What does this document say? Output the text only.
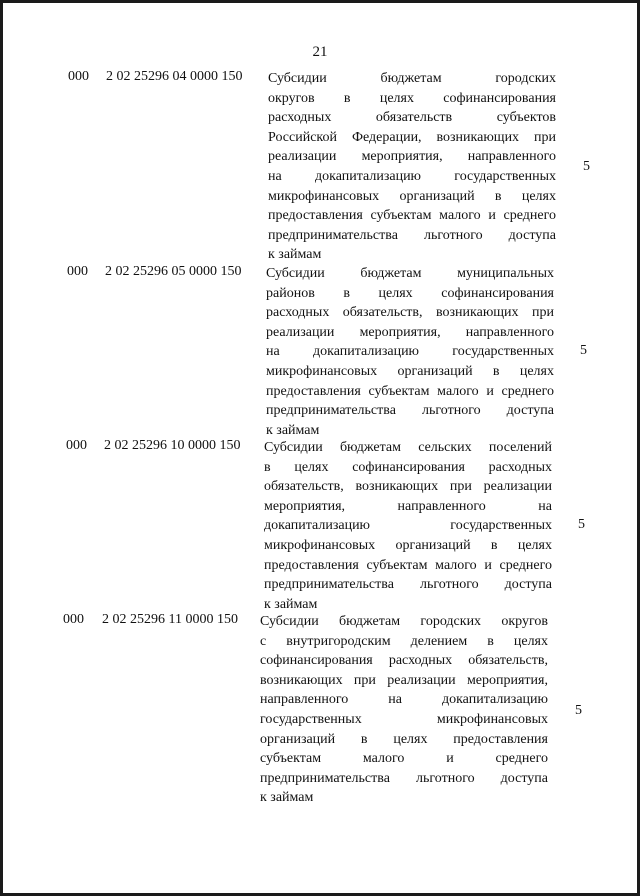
21
000 2 02 25296 04 0000 150 Субсидии бюджетам городских
округов в целях софинансирования
расходных обязательств субъектов
Российской Федерации, возникающих при
реализации мероприятия, направленного
на докапитализацию государственных
микрофинансовых организаций в целях
предоставления субъектам малого и среднего
предпринимательства льготного доступа
к займам
5
000 2 02 25296 05 0000 150 Субсидии бюджетам муниципальных
районов в целях софинансирования
расходных обязательств, возникающих при
реализации мероприятия, направленного
на докапитализацию государственных
микрофинансовых организаций в целях
предоставления субъектам малого и среднего
предпринимательства льготного доступа
к займам
5
000 2 02 25296 10 0000 150 Субсидии бюджетам сельских поселений
в целях софинансирования расходных
обязательств, возникающих при реализации
мероприятия, направленного на
докапитализацию государственных
микрофинансовых организаций в целях
предоставления субъектам малого и среднего
предпринимательства льготного доступа
к займам
5
000 2 02 25296 11 0000 150 Субсидии бюджетам городских округов
с внутригородским делением в целях
софинансирования расходных обязательств,
возникающих при реализации мероприятия,
направленного на докапитализацию
государственных микрофинансовых
организаций в целях предоставления
субъектам малого и среднего
предпринимательства льготного доступа
к займам
5
